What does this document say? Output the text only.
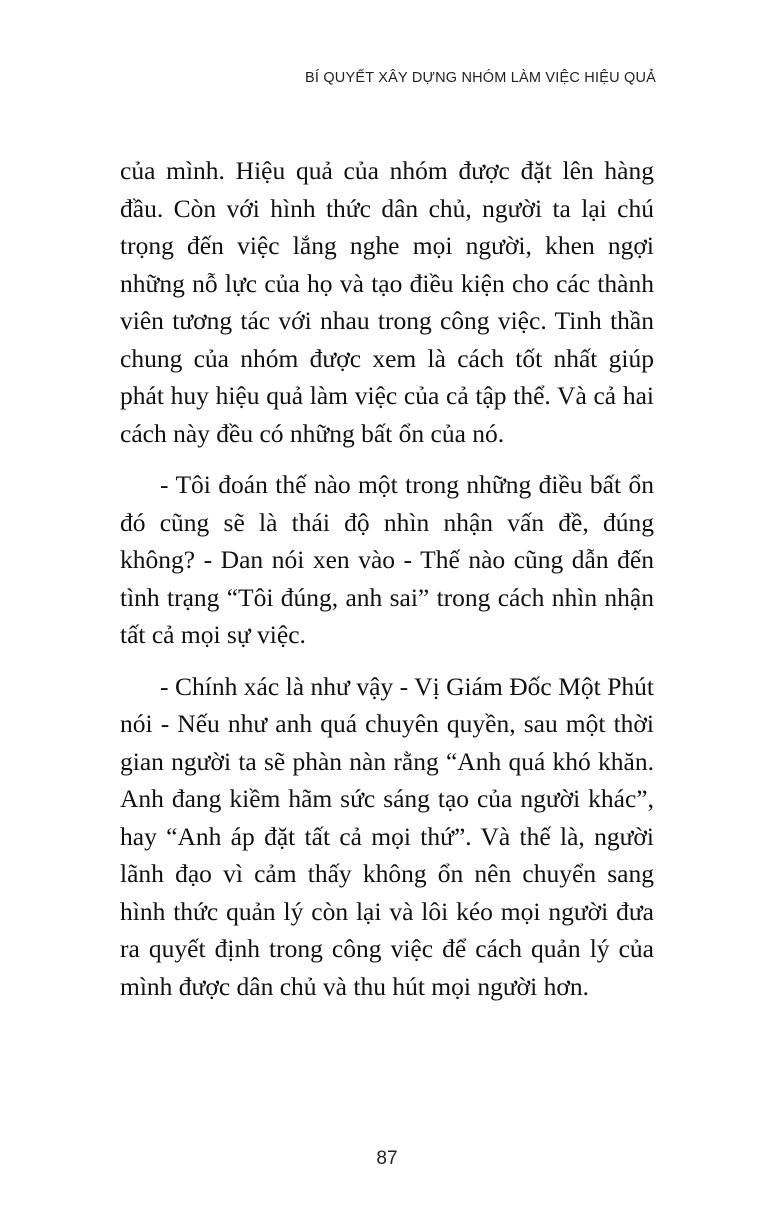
BÍ QUYẾT XÂY DỰNG NHÓM LÀM VIỆC HIỆU QUẢ

của mình. Hiệu quả của nhóm được đặt lên hàng đầu. Còn với hình thức dân chủ, người ta lại chú trọng đến việc lắng nghe mọi người, khen ngợi những nỗ lực của họ và tạo điều kiện cho các thành viên tương tác với nhau trong công việc. Tinh thần chung của nhóm được xem là cách tốt nhất giúp phát huy hiệu quả làm việc của cả tập thể. Và cả hai cách này đều có những bất ổn của nó.

- Tôi đoán thế nào một trong những điều bất ổn đó cũng sẽ là thái độ nhìn nhận vấn đề, đúng không? - Dan nói xen vào - Thế nào cũng dẫn đến tình trạng “Tôi đúng, anh sai” trong cách nhìn nhận tất cả mọi sự việc.

- Chính xác là như vậy - Vị Giám Đốc Một Phút nói - Nếu như anh quá chuyên quyền, sau một thời gian người ta sẽ phàn nàn rằng “Anh quá khó khăn. Anh đang kiềm hãm sức sáng tạo của người khác”, hay “Anh áp đặt tất cả mọi thứ”. Và thế là, người lãnh đạo vì cảm thấy không ổn nên chuyển sang hình thức quản lý còn lại và lôi kéo mọi người đưa ra quyết định trong công việc để cách quản lý của mình được dân chủ và thu hút mọi người hơn.

87
